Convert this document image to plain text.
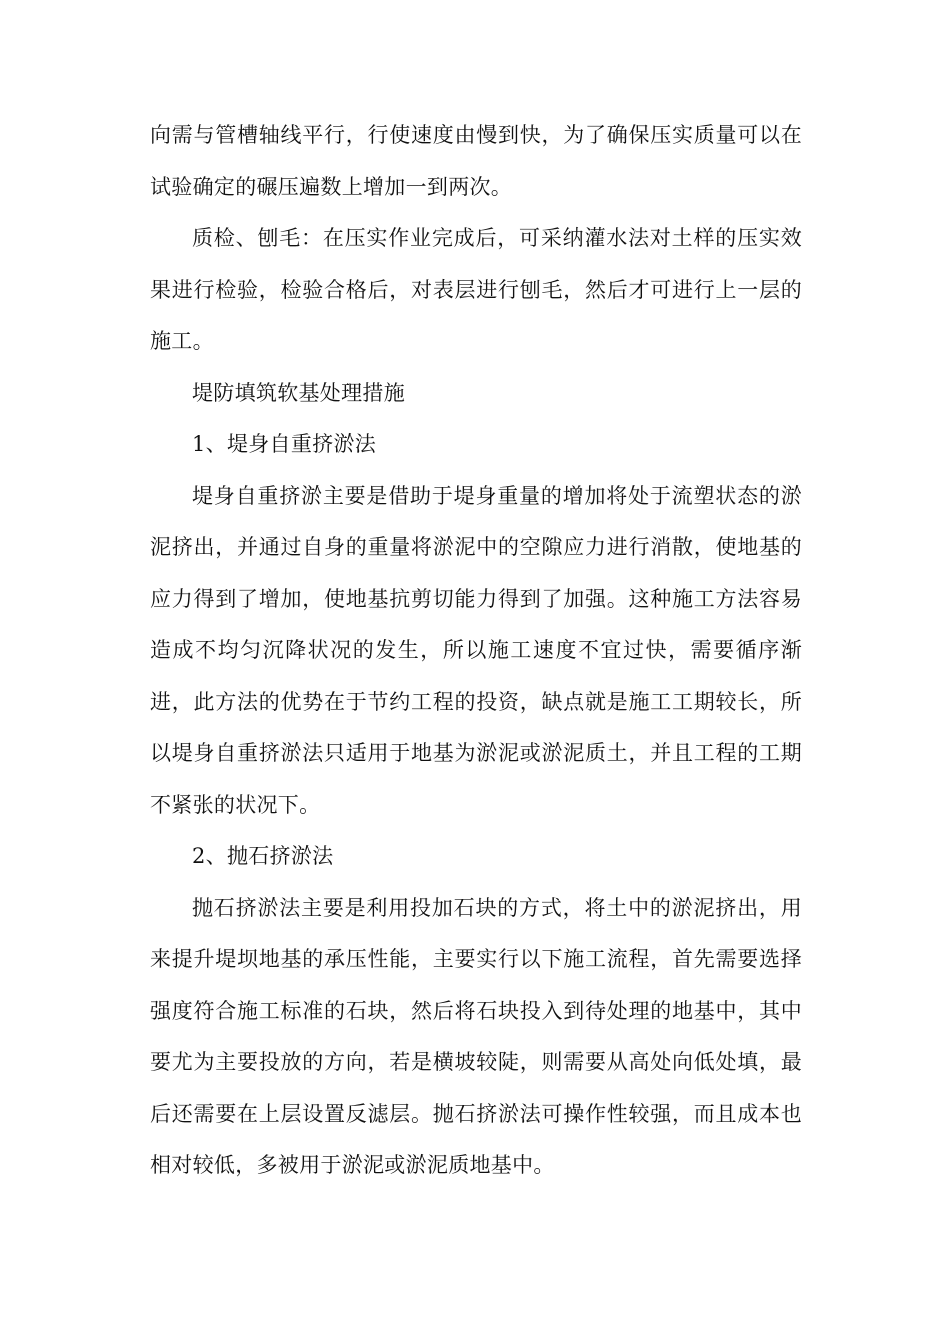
向需与管槽轴线平行，行使速度由慢到快，为了确保压实质量可以在试验确定的碾压遍数上增加一到两次。

质检、刨毛：在压实作业完成后，可采纳灌水法对土样的压实效果进行检验，检验合格后，对表层进行刨毛，然后才可进行上一层的施工。

堤防填筑软基处理措施

1、堤身自重挤淤法

堤身自重挤淤主要是借助于堤身重量的增加将处于流塑状态的淤泥挤出，并通过自身的重量将淤泥中的空隙应力进行消散，使地基的应力得到了增加，使地基抗剪切能力得到了加强。这种施工方法容易造成不均匀沉降状况的发生，所以施工速度不宜过快，需要循序渐进，此方法的优势在于节约工程的投资，缺点就是施工工期较长，所以堤身自重挤淤法只适用于地基为淤泥或淤泥质土，并且工程的工期不紧张的状况下。

2、抛石挤淤法

抛石挤淤法主要是利用投加石块的方式，将土中的淤泥挤出，用来提升堤坝地基的承压性能，主要实行以下施工流程，首先需要选择强度符合施工标准的石块，然后将石块投入到待处理的地基中，其中要尤为主要投放的方向，若是横坡较陡，则需要从高处向低处填，最后还需要在上层设置反滤层。抛石挤淤法可操作性较强，而且成本也相对较低，多被用于淤泥或淤泥质地基中。
